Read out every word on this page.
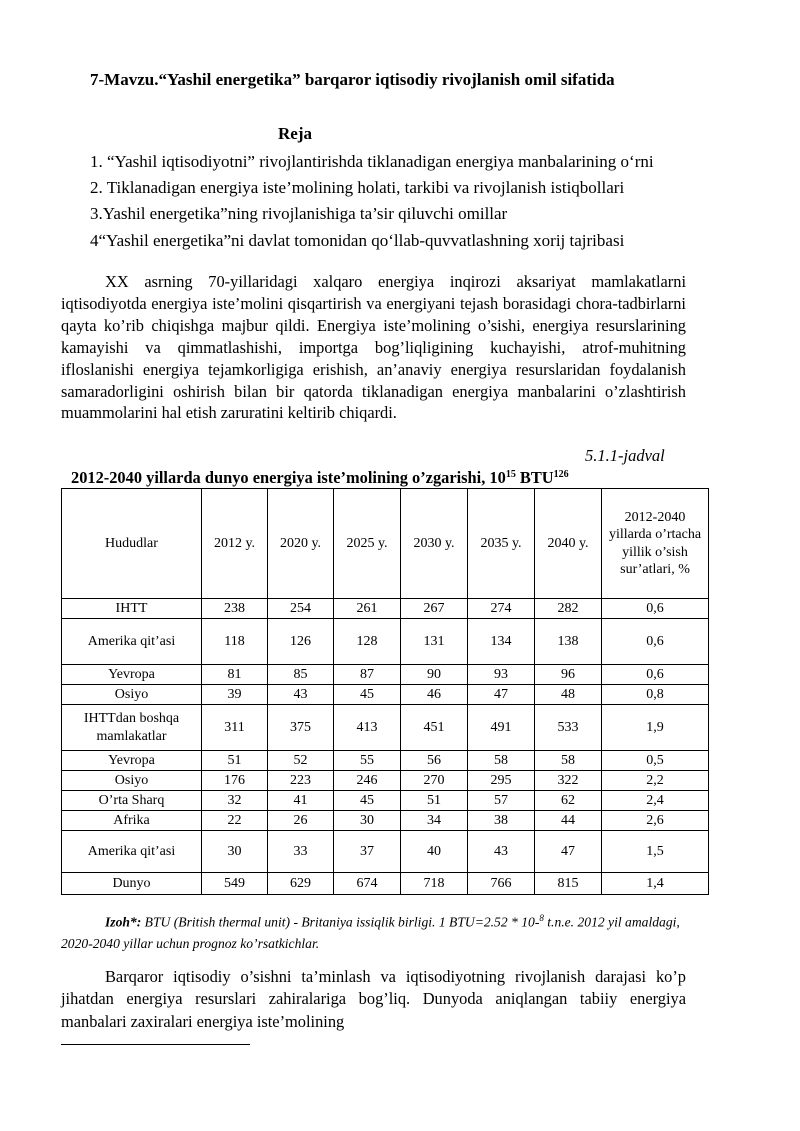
7-Mavzu.“Yashil energetika” barqaror iqtisodiy rivojlanish omil sifatida
Reja
1. “Yashil iqtisodiyotni” rivojlantirishda tiklanadigan energiya manbalarining o‘rni
2. Tiklanadigan energiya iste’molining holati, tarkibi va rivojlanish istiqbollari
3.Yashil energetika”ning rivojlanishiga ta’sir qiluvchi omillar
4“Yashil energetika”ni davlat tomonidan qo‘llab-quvvatlashning xorij tajribasi
XX asrning 70-yillaridagi xalqaro energiya inqirozi aksariyat mamlakatlarni iqtisodiyotda energiya iste’molini qisqartirish va energiyani tejash borasidagi chora-tadbirlarni qayta ko’rib chiqishga majbur qildi. Energiya iste’molining o’sishi, energiya resurslarining kamayishi va qimmatlashishi, importga bog’liqligining kuchayishi, atrof-muhitning ifloslanishi energiya tejamkorligiga erishish, an’anaviy energiya resurslaridan foydalanish samaradorligini oshirish bilan bir qatorda tiklanadigan energiya manbalarini o’zlashtirish muammolarini hal etish zaruratini keltirib chiqardi.
5.1.1-jadval
2012-2040 yillarda dunyo energiya iste’molining o’zgarishi, $10^{15}$ BTU$^{126}$
Hududlar	2012 y.	2020 y.	2025 y.	2030 y.	2035 y.	2040 y.	2012-2040 yillarda o’rtacha yillik o’sish sur’atlari, %
IHTT	238	254	261	267	274	282	0,6
Amerika qit’asi	118	126	128	131	134	138	0,6
Yevropa	81	85	87	90	93	96	0,6
Osiyo	39	43	45	46	47	48	0,8
IHTTdan boshqa mamlakatlar	311	375	413	451	491	533	1,9
Yevropa	51	52	55	56	58	58	0,5
Osiyo	176	223	246	270	295	322	2,2
O’rta Sharq	32	41	45	51	57	62	2,4
Afrika	22	26	30	34	38	44	2,6
Amerika qit’asi	30	33	37	40	43	47	1,5
Dunyo	549	629	674	718	766	815	1,4
Izoh*: BTU (British thermal unit) - Britaniya issiqlik birligi. 1 BTU=2.52 * 10-$^8$ t.n.e. 2012 yil amaldagi, 2020-2040 yillar uchun prognoz ko’rsatkichlar.
Barqaror iqtisodiy o’sishni ta’minlash va iqtisodiyotning rivojlanish darajasi ko’p jihatdan energiya resurslari zahiralariga bog’liq. Dunyoda aniqlangan tabiiy energiya manbalari zaxiralari energiya iste’molining
